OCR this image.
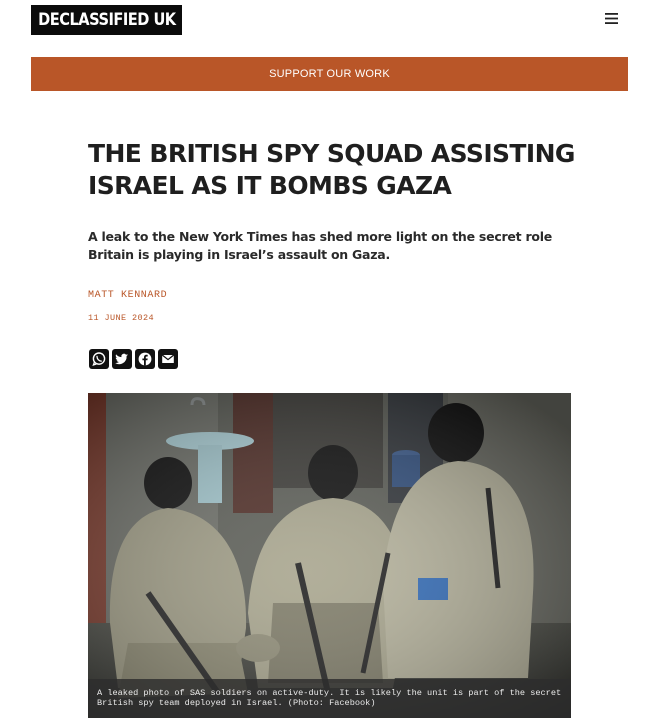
DECLASSIFIED UK
SUPPORT OUR WORK
THE BRITISH SPY SQUAD ASSISTING ISRAEL AS IT BOMBS GAZA

A leak to the New York Times has shed more light on the secret role Britain is playing in Israel’s assault on Gaza.

MATT KENNARD
11 JUNE 2024
A leaked photo of SAS soldiers on active-duty. It is likely the unit is part of the secret British spy team deployed in Israel. (Photo: Facebook)
